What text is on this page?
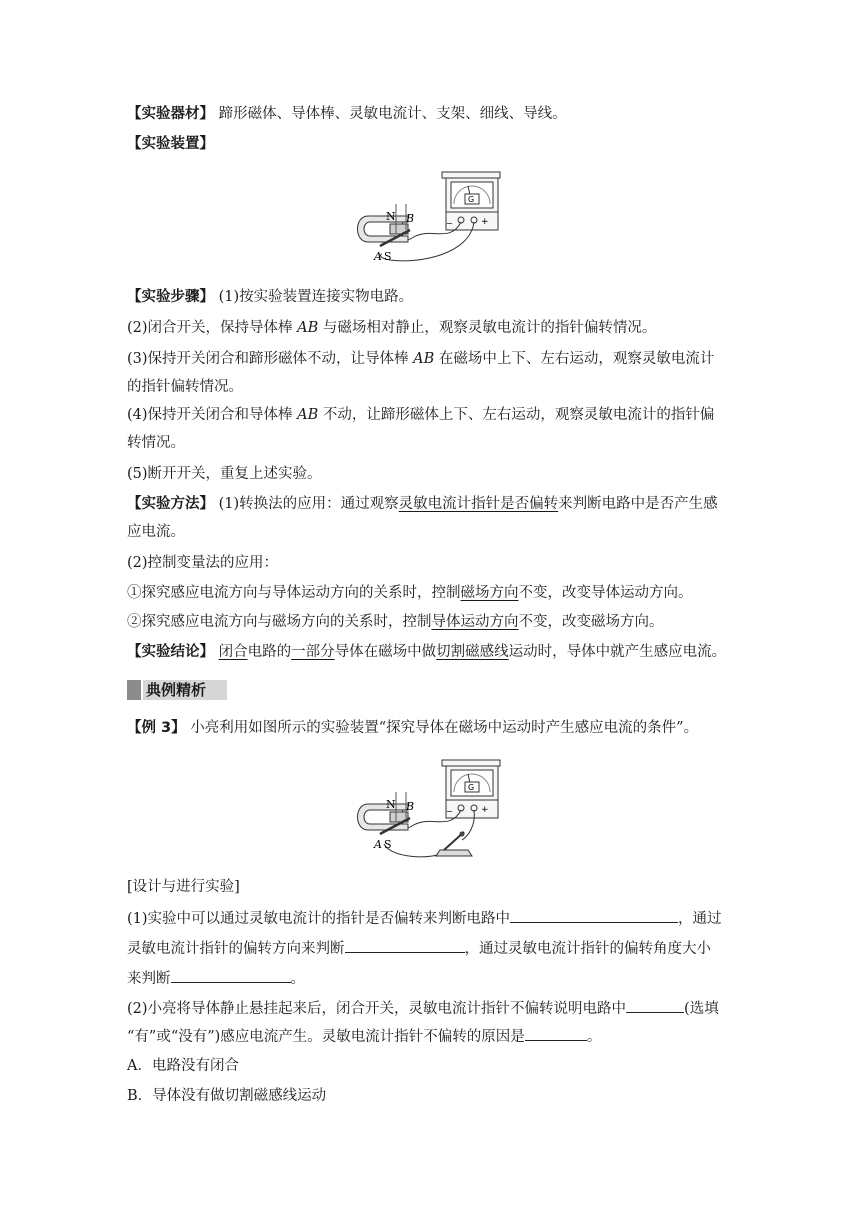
【实验器材】 蹄形磁体、导体棒、灵敏电流计、支架、细线、导线。
【实验装置】
−	+
G
N B
A S
【实验步骤】 (1)按实验装置连接实物电路。
(2)闭合开关，保持导体棒 AB 与磁场相对静止，观察灵敏电流计的指针偏转情况。
(3)保持开关闭合和蹄形磁体不动，让导体棒 AB 在磁场中上下、左右运动，观察灵敏电流计
的指针偏转情况。
(4)保持开关闭合和导体棒 AB 不动，让蹄形磁体上下、左右运动，观察灵敏电流计的指针偏
转情况。
(5)断开开关，重复上述实验。
【实验方法】 (1)转换法的应用：通过观察灵敏电流计指针是否偏转来判断电路中是否产生感
应电流。
(2)控制变量法的应用：
①探究感应电流方向与导体运动方向的关系时，控制磁场方向不变，改变导体运动方向。
②探究感应电流方向与磁场方向的关系时，控制导体运动方向不变，改变磁场方向。
【实验结论】 闭合电路的一部分导体在磁场中做切割磁感线运动时，导体中就产生感应电流。
典例精析
【例 3】 小亮利用如图所示的实验装置“探究导体在磁场中运动时产生感应电流的条件”。
−	+
G
N B
A S
[设计与进行实验]
(1)实验中可以通过灵敏电流计的指针是否偏转来判断电路中	，通过
灵敏电流计指针的偏转方向来判断	，通过灵敏电流计指针的偏转角度大小
来判断	。
(2)小亮将导体静止悬挂起来后，闭合开关，灵敏电流计指针不偏转说明电路中	(选填
“有”或“没有”)感应电流产生。灵敏电流计指针不偏转的原因是	。
A．电路没有闭合
B．导体没有做切割磁感线运动
